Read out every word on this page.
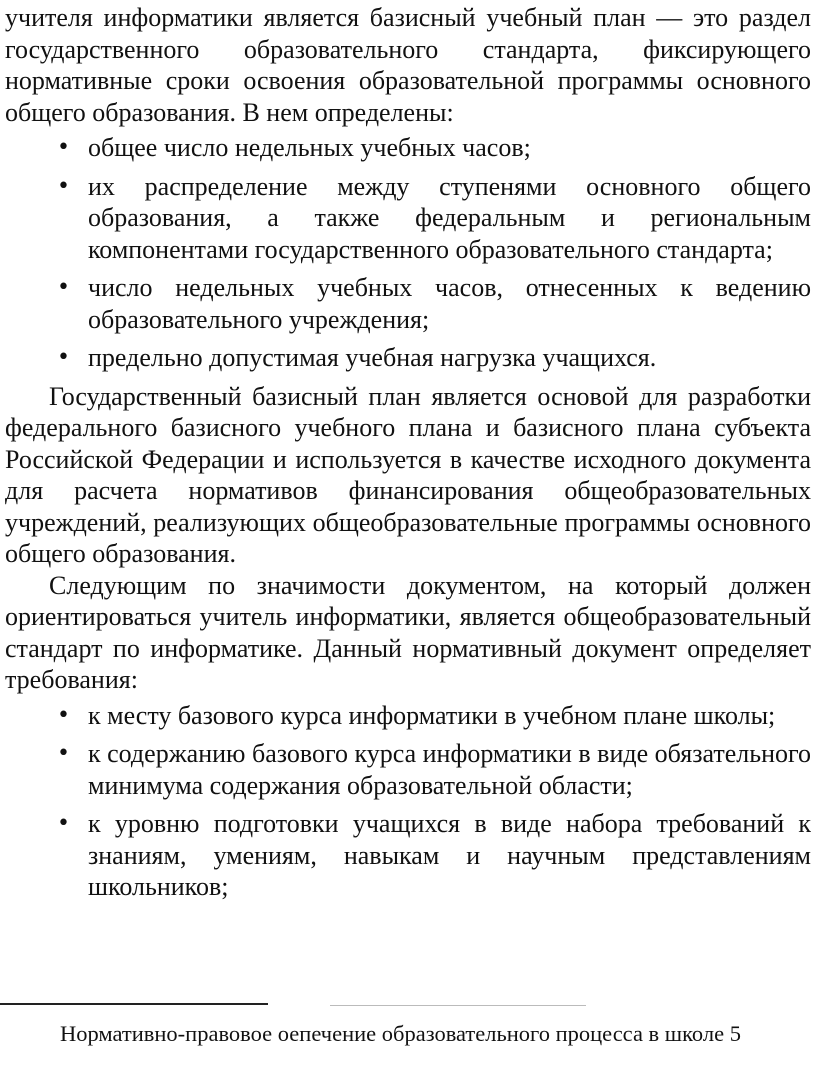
учителя информатики является базисный учебный план — это раздел государственного образовательного стандарта, фиксирующего нормативные сроки освоения образовательной программы основного общего образования. В нем определены:

• общее число недельных учебных часов;
• их распределение между ступенями основного общего образования, а также федеральным и региональным компонентами государственного образовательного стандарта;
• число недельных учебных часов, отнесенных к ведению образовательного учреждения;
• предельно допустимая учебная нагрузка учащихся.

Государственный базисный план является основой для разработки федерального базисного учебного плана и базисного плана субъекта Российской Федерации и используется в качестве исходного документа для расчета нормативов финансирования общеобразовательных учреждений, реализующих общеобразовательные программы основного общего образования.

Следующим по значимости документом, на который должен ориентироваться учитель информатики, является общеобразовательный стандарт по информатике. Данный нормативный документ определяет требования:

• к месту базового курса информатики в учебном плане школы;
• к содержанию базового курса информатики в виде обязательного минимума содержания образовательной области;
• к уровню подготовки учащихся в виде набора требований к знаниям, умениям, навыкам и научным представлениям школьников;
Нормативно-правовое оепечение образовательного процесса в школе 5
